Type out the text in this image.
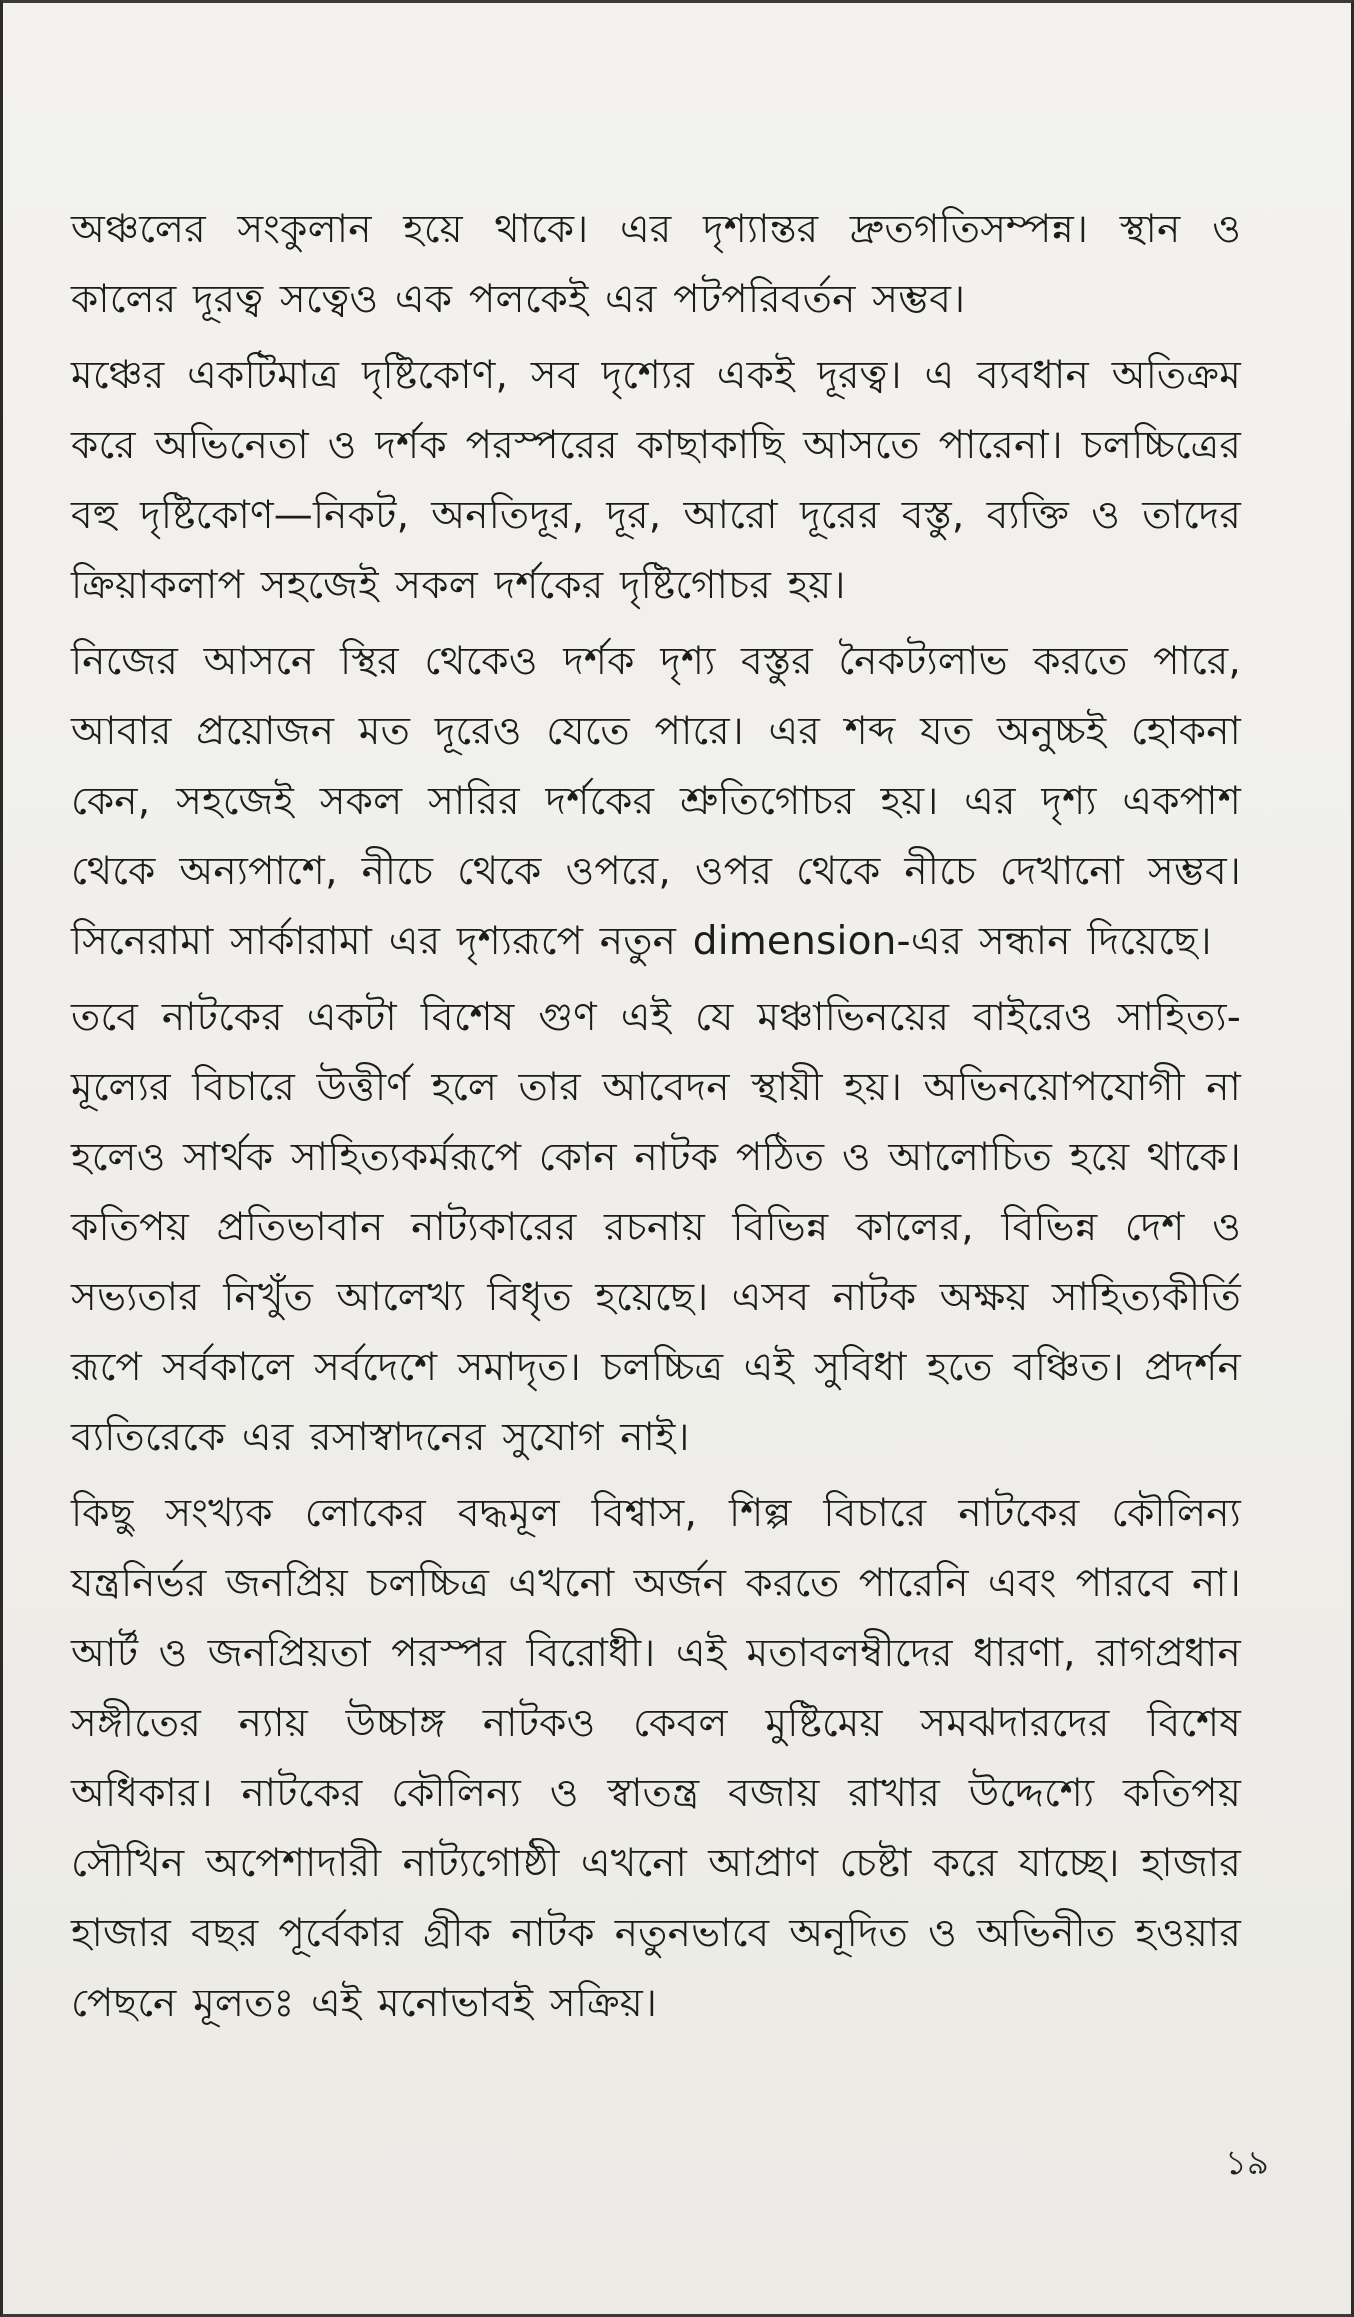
অঞ্চলের সংকুলান হয়ে থাকে। এর দৃশ্যান্তর দ্রুতগতিসম্পন্ন। স্থান ও কালের দূরত্ব সত্বেও এক পলকেই এর পটপরিবর্তন সম্ভব।

মঞ্চের একটিমাত্র দৃষ্টিকোণ, সব দৃশ্যের একই দূরত্ব। এ ব্যবধান অতিক্রম করে অভিনেতা ও দর্শক পরস্পরের কাছাকাছি আসতে পারেনা। চলচ্চিত্রের বহু দৃষ্টিকোণ—নিকট, অনতিদূর, দূর, আরো দূরের বস্তু, ব্যক্তি ও তাদের ক্রিয়াকলাপ সহজেই সকল দর্শকের দৃষ্টিগোচর হয়।

নিজের আসনে স্থির থেকেও দর্শক দৃশ্য বস্তুর নৈকট্যলাভ করতে পারে, আবার প্রয়োজন মত দূরেও যেতে পারে। এর শব্দ যত অনুচ্চই হোকনা কেন, সহজেই সকল সারির দর্শকের শ্রুতিগোচর হয়। এর দৃশ্য একপাশ থেকে অন্যপাশে, নীচে থেকে ওপরে, ওপর থেকে নীচে দেখানো সম্ভব। সিনেরামা সার্কারামা এর দৃশ্যরূপে নতুন dimension-এর সন্ধান দিয়েছে।

তবে নাটকের একটা বিশেষ গুণ এই যে মঞ্চাভিনয়ের বাইরেও সাহিত্য-মূল্যের বিচারে উত্তীর্ণ হলে তার আবেদন স্থায়ী হয়। অভিনয়োপযোগী না হলেও সার্থক সাহিত্যকর্মরূপে কোন নাটক পঠিত ও আলোচিত হয়ে থাকে। কতিপয় প্রতিভাবান নাট্যকারের রচনায় বিভিন্ন কালের, বিভিন্ন দেশ ও সভ্যতার নিখুঁত আলেখ্য বিধৃত হয়েছে। এসব নাটক অক্ষয় সাহিত্যকীর্তি রূপে সর্বকালে সর্বদেশে সমাদৃত। চলচ্চিত্র এই সুবিধা হতে বঞ্চিত। প্রদর্শন ব্যতিরেকে এর রসাস্বাদনের সুযোগ নাই।

কিছু সংখ্যক লোকের বদ্ধমূল বিশ্বাস, শিল্প বিচারে নাটকের কৌলিন্য যন্ত্রনির্ভর জনপ্রিয় চলচ্চিত্র এখনো অর্জন করতে পারেনি এবং পারবে না। আর্ট ও জনপ্রিয়তা পরস্পর বিরোধী। এই মতাবলম্বীদের ধারণা, রাগপ্রধান সঙ্গীতের ন্যায় উচ্চাঙ্গ নাটকও কেবল মুষ্টিমেয় সমঝদারদের বিশেষ অধিকার। নাটকের কৌলিন্য ও স্বাতন্ত্র বজায় রাখার উদ্দেশ্যে কতিপয় সৌখিন অপেশাদারী নাট্যগোষ্ঠী এখনো আপ্রাণ চেষ্টা করে যাচ্ছে। হাজার হাজার বছর পূর্বেকার গ্রীক নাটক নতুনভাবে অনূদিত ও অভিনীত হওয়ার পেছনে মূলতঃ এই মনোভাবই সক্রিয়।

১৯
